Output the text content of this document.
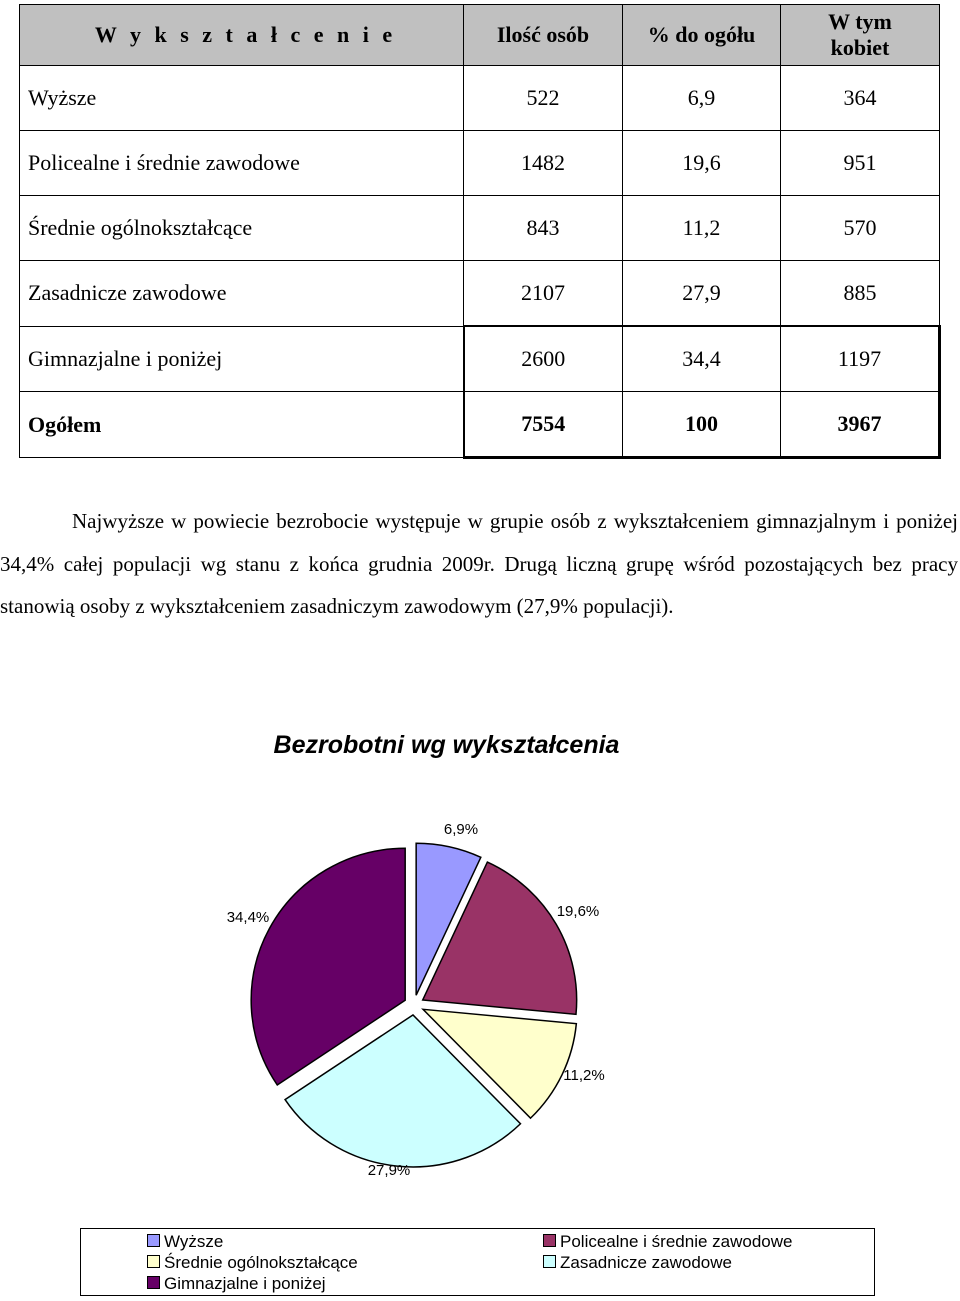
W y k s z t a ł c e n i e	Ilość osób	% do ogółu	W tym kobiet
Wyższe	522	6,9	364
Policealne i średnie zawodowe	1482	19,6	951
Średnie ogólnokształcące	843	11,2	570
Zasadnicze zawodowe	2107	27,9	885
Gimnazjalne i poniżej	2600	34,4	1197
Ogółem	7554	100	3967

Najwyższe w powiecie bezrobocie występuje w grupie osób z wykształceniem gimnazjalnym i poniżej 34,4% całej populacji wg stanu z końca grudnia 2009r. Drugą liczną grupę wśród pozostających bez pracy stanowią osoby z wykształceniem zasadniczym zawodowym (27,9% populacji).

Bezrobotni wg wykształcenia
6,9%
19,6%
11,2%
27,9%
34,4%
Wyższe	Policealne i średnie zawodowe
Średnie ogólnokształcące	Zasadnicze zawodowe
Gimnazjalne i poniżej
